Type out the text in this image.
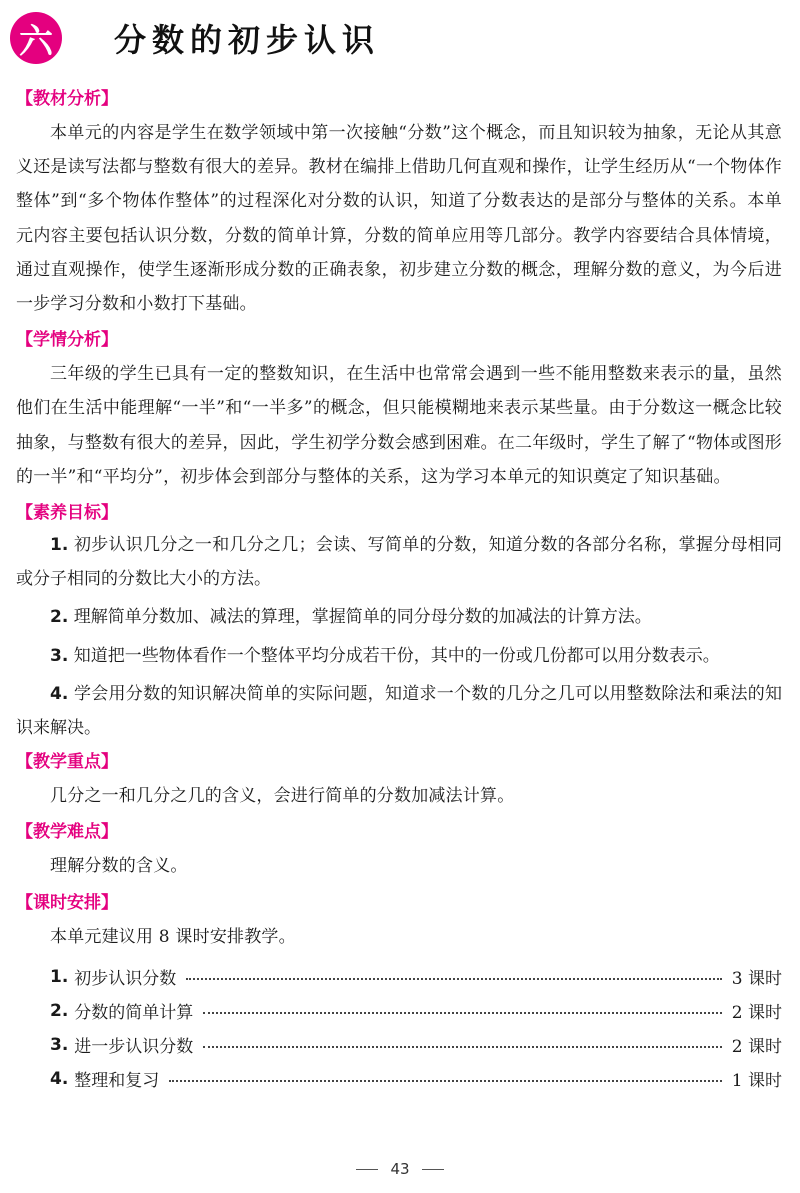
六 分数的初步认识
【教材分析】
本单元的内容是学生在数学领域中第一次接触“分数”这个概念，而且知识较为抽象，无论从其意义还是读写法都与整数有很大的差异。教材在编排上借助几何直观和操作，让学生经历从“一个物体作整体”到“多个物体作整体”的过程深化对分数的认识，知道了分数表达的是部分与整体的关系。本单元内容主要包括认识分数，分数的简单计算，分数的简单应用等几部分。教学内容要结合具体情境，通过直观操作，使学生逐渐形成分数的正确表象，初步建立分数的概念，理解分数的意义，为今后进一步学习分数和小数打下基础。
【学情分析】
三年级的学生已具有一定的整数知识，在生活中也常常会遇到一些不能用整数来表示的量，虽然他们在生活中能理解“一半”和“一半多”的概念，但只能模糊地来表示某些量。由于分数这一概念比较抽象，与整数有很大的差异，因此，学生初学分数会感到困难。在二年级时，学生了解了“物体或图形的一半”和“平均分”，初步体会到部分与整体的关系，这为学习本单元的知识奠定了知识基础。
【素养目标】
1. 初步认识几分之一和几分之几；会读、写简单的分数，知道分数的各部分名称，掌握分母相同或分子相同的分数比大小的方法。
2. 理解简单分数加、减法的算理，掌握简单的同分母分数的加减法的计算方法。
3. 知道把一些物体看作一个整体平均分成若干份，其中的一份或几份都可以用分数表示。
4. 学会用分数的知识解决简单的实际问题，知道求一个数的几分之几可以用整数除法和乘法的知识来解决。
【教学重点】
几分之一和几分之几的含义，会进行简单的分数加减法计算。
【教学难点】
理解分数的含义。
【课时安排】
本单元建议用 8 课时安排教学。
1. 初步认识分数	3 课时
2. 分数的简单计算	2 课时
3. 进一步认识分数	2 课时
4. 整理和复习	1 课时
43
